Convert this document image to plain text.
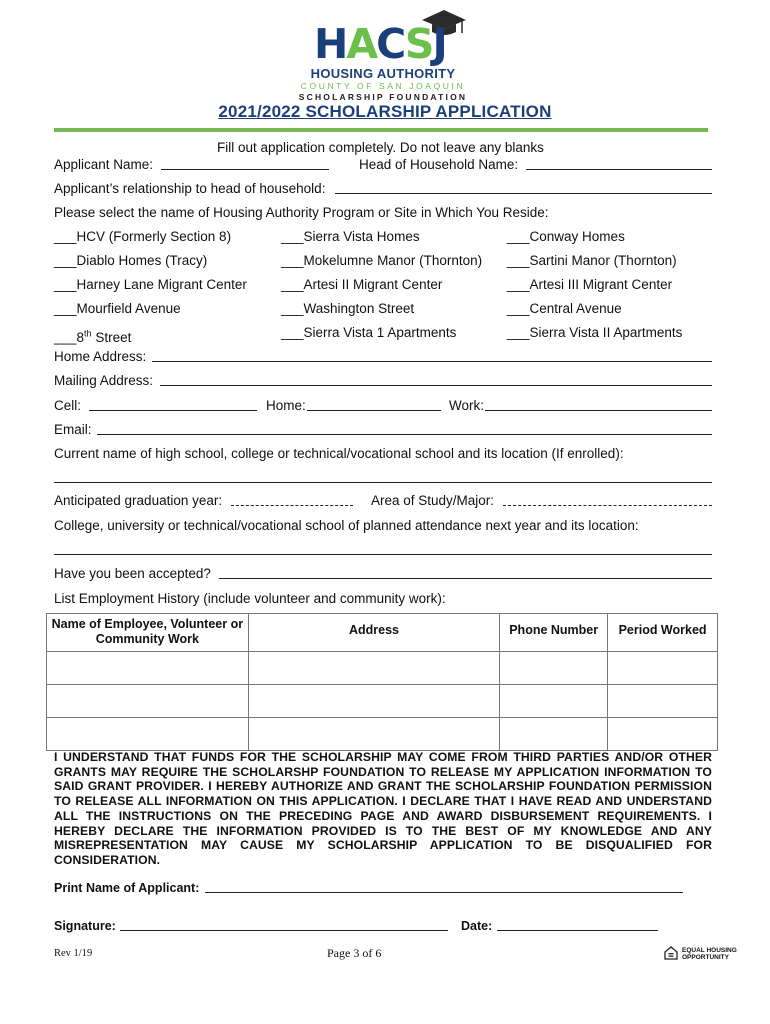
HACSJ
HOUSING AUTHORITY
COUNTY OF SAN JOAQUIN
SCHOLARSHIP FOUNDATION
2021/2022 SCHOLARSHIP APPLICATION
Fill out application completely. Do not leave any blanks
Applicant Name:	Head of Household Name:
Applicant’s relationship to head of household:
Please select the name of Housing Authority Program or Site in Which You Reside:
___HCV (Formerly Section 8)	___Sierra Vista Homes	___Conway Homes
___Diablo Homes (Tracy)	___Mokelumne Manor (Thornton) ___Sartini Manor (Thornton)
___Harney Lane Migrant Center	___Artesi II Migrant Center	___Artesi III Migrant Center
___Mourfield Avenue	___Washington Street	___Central Avenue
___8th Street	___Sierra Vista 1 Apartments	___Sierra Vista II Apartments
Home Address:
Mailing Address:
Cell:	Home:	Work:
Email:
Current name of high school, college or technical/vocational school and its location (If enrolled):
Anticipated graduation year:	Area of Study/Major:
College, university or technical/vocational school of planned attendance next year and its location:
Have you been accepted?
List Employment History (include volunteer and community work):
Name of Employee, Volunteer or Community Work	Address	Phone Number	Period Worked

I UNDERSTAND THAT FUNDS FOR THE SCHOLARSHIP MAY COME FROM THIRD PARTIES AND/OR OTHER GRANTS MAY REQUIRE THE SCHOLARSHP FOUNDATION TO RELEASE MY APPLICATION INFORMATION TO SAID GRANT PROVIDER. I HEREBY AUTHORIZE AND GRANT THE SCHOLARSHIP FOUNDATION PERMISSION TO RELEASE ALL INFORMATION ON THIS APPLICATION. I DECLARE THAT I HAVE READ AND UNDERSTAND ALL THE INSTRUCTIONS ON THE PRECEDING PAGE AND AWARD DISBURSEMENT REQUIREMENTS. I HEREBY DECLARE THE INFORMATION PROVIDED IS TO THE BEST OF MY KNOWLEDGE AND ANY MISREPRESENTATION MAY CAUSE MY SCHOLARSHIP APPLICATION TO BE DISQUALIFIED FOR CONSIDERATION.
Print Name of Applicant:
Signature:	Date:
Rev 1/19	Page 3 of 6	EQUAL HOUSING
OPPORTUNITY
